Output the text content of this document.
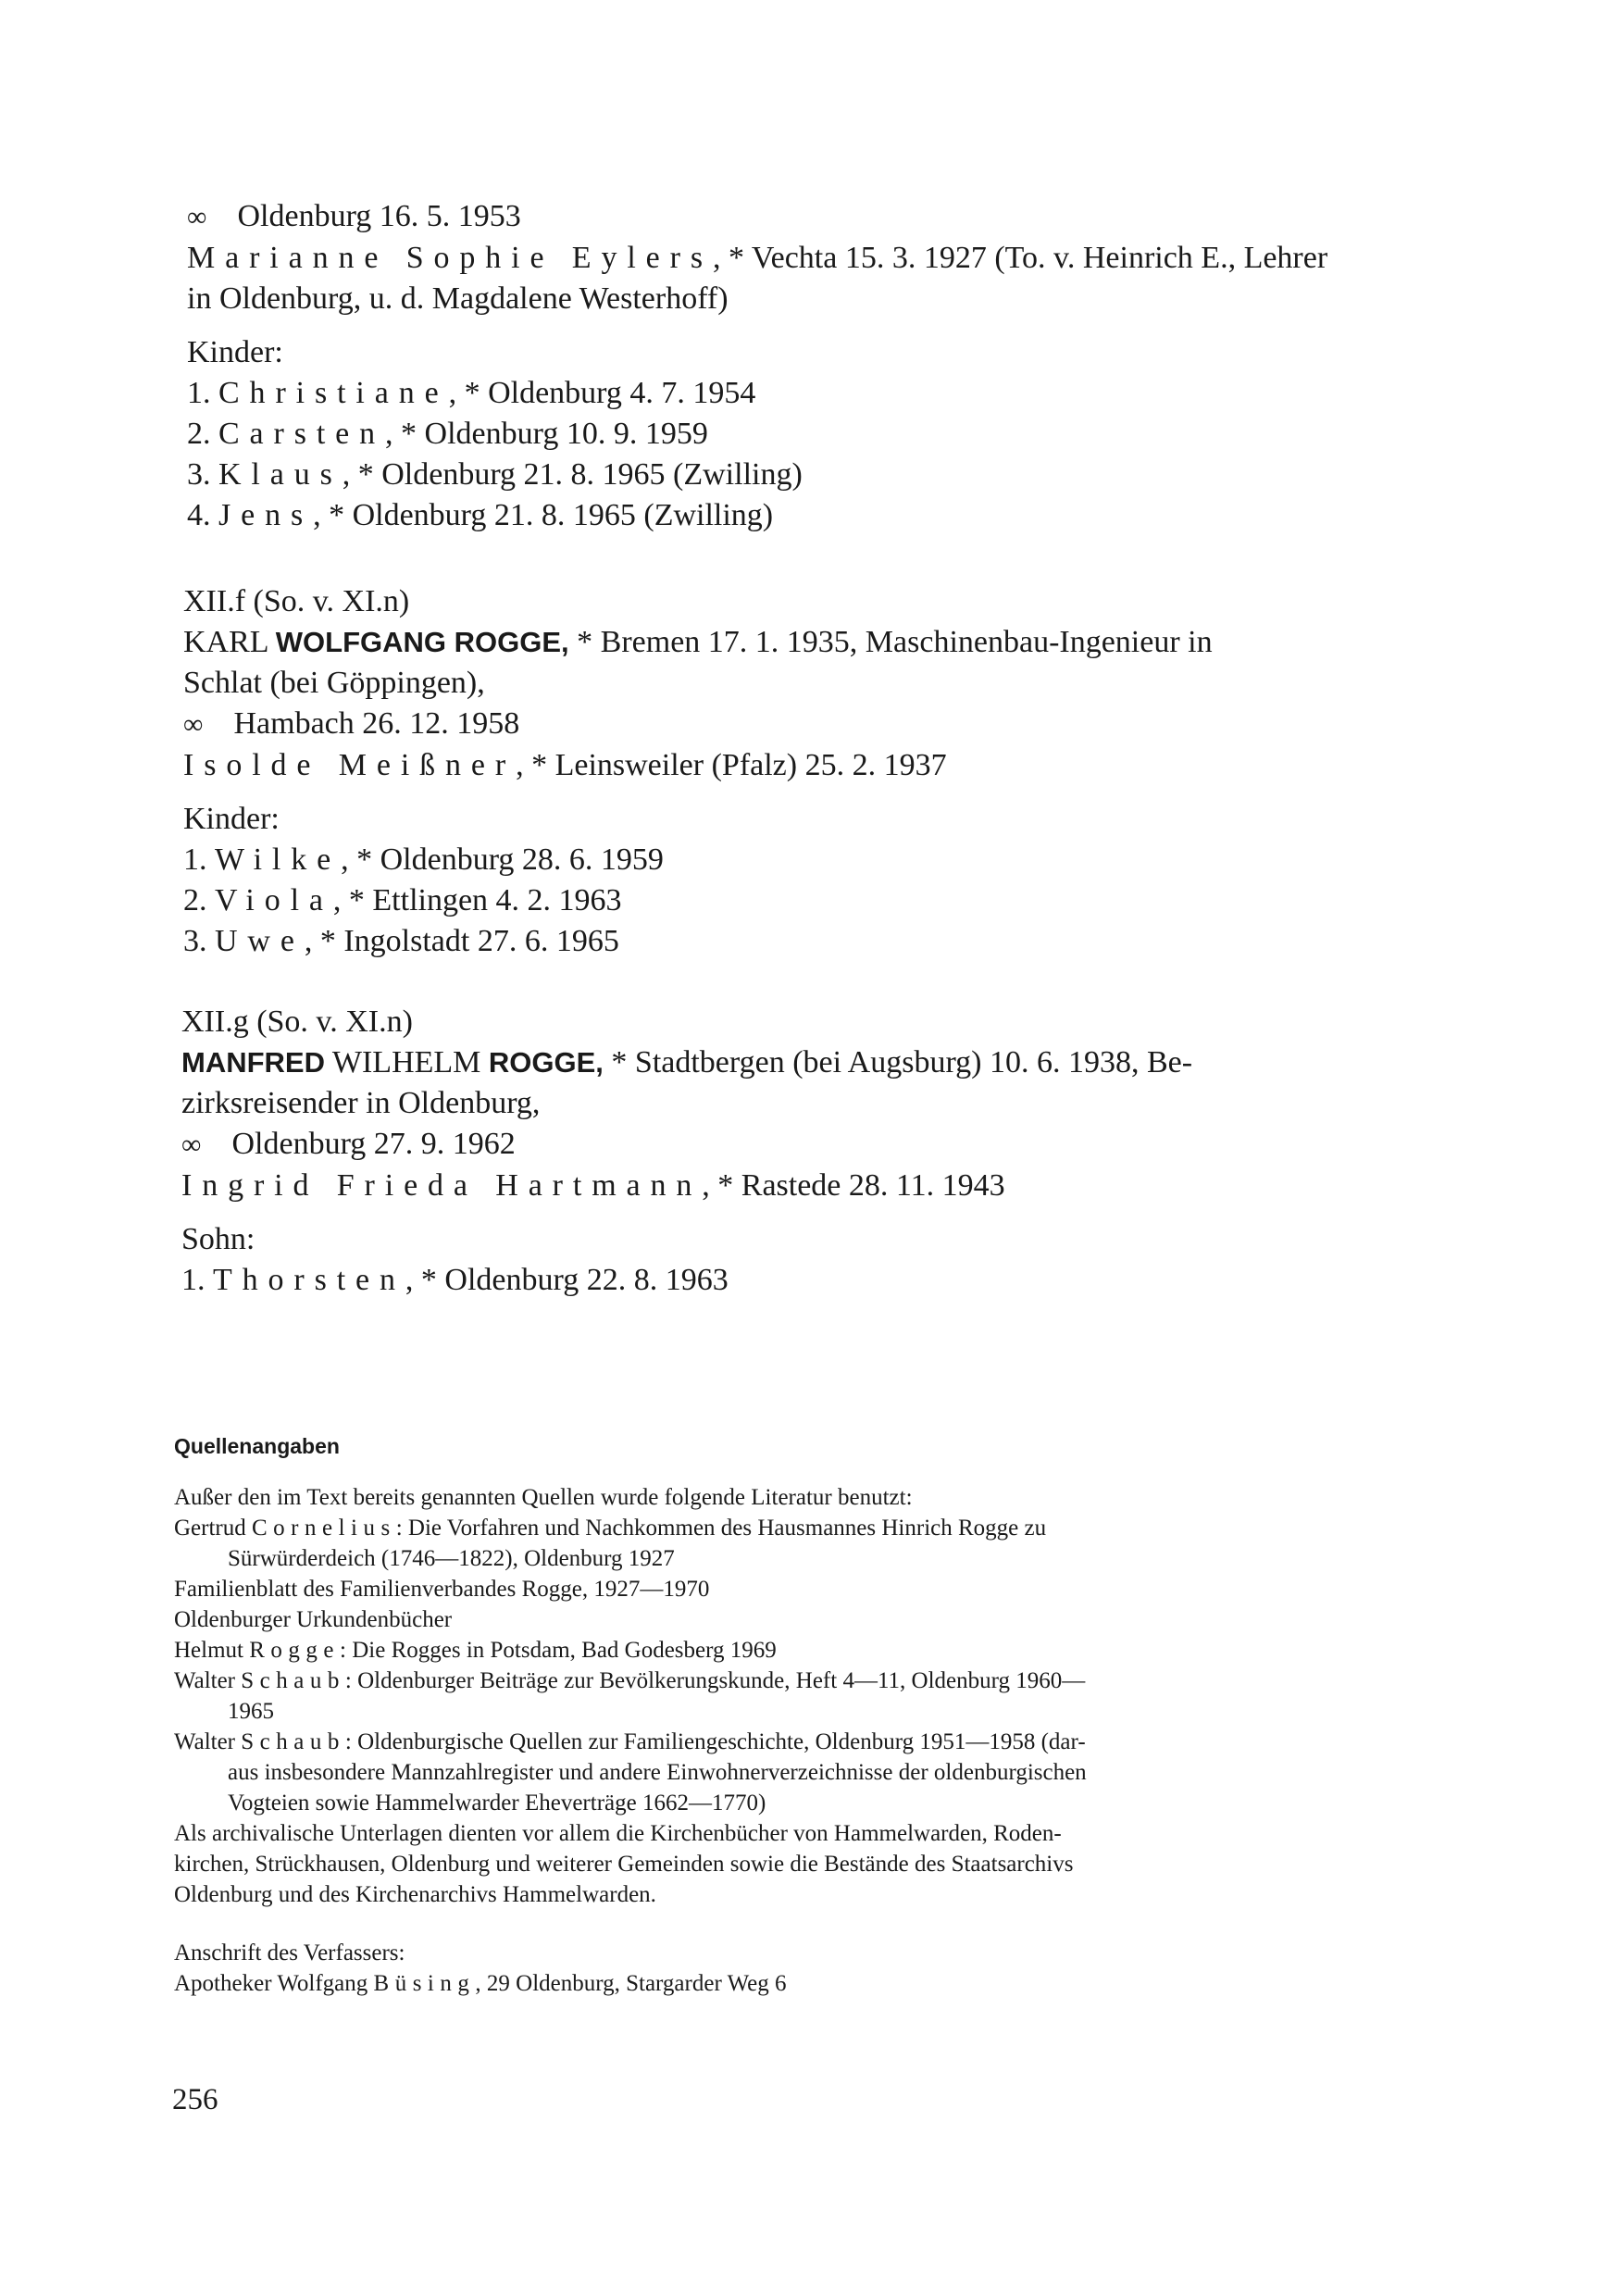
∞ Oldenburg 16. 5. 1953
Marianne Sophie Eylers, * Vechta 15. 3. 1927 (To. v. Heinrich E., Lehrer
in Oldenburg, u. d. Magdalene Westerhoff)
Kinder:
1. Christiane, * Oldenburg 4. 7. 1954
2. Carsten, * Oldenburg 10. 9. 1959
3. Klaus, * Oldenburg 21. 8. 1965 (Zwilling)
4. Jens, * Oldenburg 21. 8. 1965 (Zwilling)
XII.f (So. v. XI.n)
KARL WOLFGANG ROGGE, * Bremen 17. 1. 1935, Maschinenbau-Ingenieur in
Schlat (bei Göppingen),
∞ Hambach 26. 12. 1958
Isolde Meißner, * Leinsweiler (Pfalz) 25. 2. 1937
Kinder:
1. Wilke, * Oldenburg 28. 6. 1959
2. Viola, * Ettlingen 4. 2. 1963
3. Uwe, * Ingolstadt 27. 6. 1965
XII.g (So. v. XI.n)
MANFRED WILHELM ROGGE, * Stadtbergen (bei Augsburg) 10. 6. 1938, Be-
zirksreisender in Oldenburg,
∞ Oldenburg 27. 9. 1962
Ingrid Frieda Hartmann, * Rastede 28. 11. 1943
Sohn:
1. Thorsten, * Oldenburg 22. 8. 1963
Quellenangaben
Außer den im Text bereits genannten Quellen wurde folgende Literatur benutzt:
Gertrud Cornelius: Die Vorfahren und Nachkommen des Hausmannes Hinrich Rogge zu
Sürwürderdeich (1746—1822), Oldenburg 1927
Familienblatt des Familienverbandes Rogge, 1927—1970
Oldenburger Urkundenbücher
Helmut Rogge: Die Rogges in Potsdam, Bad Godesberg 1969
Walter Schaub: Oldenburger Beiträge zur Bevölkerungskunde, Heft 4—11, Oldenburg 1960—
1965
Walter Schaub: Oldenburgische Quellen zur Familiengeschichte, Oldenburg 1951—1958 (dar-
aus insbesondere Mannzahlregister und andere Einwohnerverzeichnisse der oldenburgischen
Vogteien sowie Hammelwarder Eheverträge 1662—1770)
Als archivalische Unterlagen dienten vor allem die Kirchenbücher von Hammelwarden, Roden-
kirchen, Strückhausen, Oldenburg und weiterer Gemeinden sowie die Bestände des Staatsarchivs
Oldenburg und des Kirchenarchivs Hammelwarden.
Anschrift des Verfassers:
Apotheker Wolfgang Büsing, 29 Oldenburg, Stargarder Weg 6
256
